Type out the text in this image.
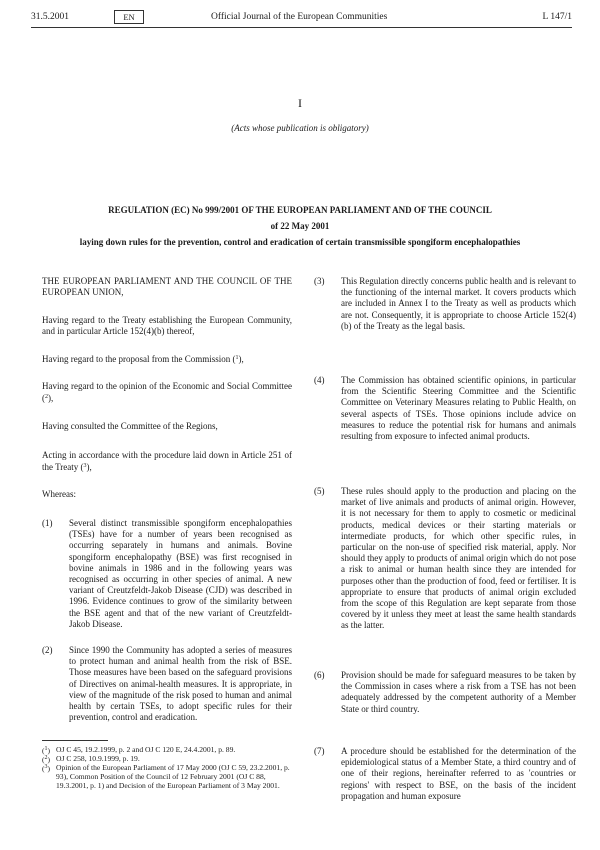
31.5.2001	EN	Official Journal of the European Communities	L 147/1
I
(Acts whose publication is obligatory)
REGULATION (EC) No 999/2001 OF THE EUROPEAN PARLIAMENT AND OF THE COUNCIL
of 22 May 2001
laying down rules for the prevention, control and eradication of certain transmissible spongiform encephalopathies

THE EUROPEAN PARLIAMENT AND THE COUNCIL OF THE EUROPEAN UNION,

Having regard to the Treaty establishing the European Community, and in particular Article 152(4)(b) thereof,

Having regard to the proposal from the Commission ($^1$),

Having regard to the opinion of the Economic and Social Committee ($^2$),

Having consulted the Committee of the Regions,

Acting in accordance with the procedure laid down in Article 251 of the Treaty ($^3$),

Whereas:

(1) Several distinct transmissible spongiform encephalopathies (TSEs) have for a number of years been recognised as occurring separately in humans and animals. Bovine spongiform encephalopathy (BSE) was first recognised in bovine animals in 1986 and in the following years was recognised as occurring in other species of animal. A new variant of Creutzfeldt-Jakob Disease (CJD) was described in 1996. Evidence continues to grow of the similarity between the BSE agent and that of the new variant of Creutzfeldt-Jakob Disease.

(2) Since 1990 the Community has adopted a series of measures to protect human and animal health from the risk of BSE. Those measures have been based on the safeguard provisions of Directives on animal-health measures. It is appropriate, in view of the magnitude of the risk posed to human and animal health by certain TSEs, to adopt specific rules for their prevention, control and eradication.

($^1$) OJ C 45, 19.2.1999, p. 2 and OJ C 120 E, 24.4.2001, p. 89.

($^2$) OJ C 258, 10.9.1999, p. 19.

($^3$) Opinion of the European Parliament of 17 May 2000 (OJ C 59, 23.2.2001, p. 93), Common Position of the Council of 12 February 2001 (OJ C 88, 19.3.2001, p. 1) and Decision of the European Parliament of 3 May 2001.

(3) This Regulation directly concerns public health and is relevant to the functioning of the internal market. It covers products which are included in Annex I to the Treaty as well as products which are not. Consequently, it is appropriate to choose Article 152(4)(b) of the Treaty as the legal basis.

(4) The Commission has obtained scientific opinions, in particular from the Scientific Steering Committee and the Scientific Committee on Veterinary Measures relating to Public Health, on several aspects of TSEs. Those opinions include advice on measures to reduce the potential risk for humans and animals resulting from exposure to infected animal products.

(5) These rules should apply to the production and placing on the market of live animals and products of animal origin. However, it is not necessary for them to apply to cosmetic or medicinal products, medical devices or their starting materials or intermediate products, for which other specific rules, in particular on the non-use of specified risk material, apply. Nor should they apply to products of animal origin which do not pose a risk to animal or human health since they are intended for purposes other than the production of food, feed or fertiliser. It is appropriate to ensure that products of animal origin excluded from the scope of this Regulation are kept separate from those covered by it unless they meet at least the same health standards as the latter.

(6) Provision should be made for safeguard measures to be taken by the Commission in cases where a risk from a TSE has not been adequately addressed by the competent authority of a Member State or third country.

(7) A procedure should be established for the determination of the epidemiological status of a Member State, a third country and of one of their regions, hereinafter referred to as 'countries or regions' with respect to BSE, on the basis of the incident propagation and human exposure
